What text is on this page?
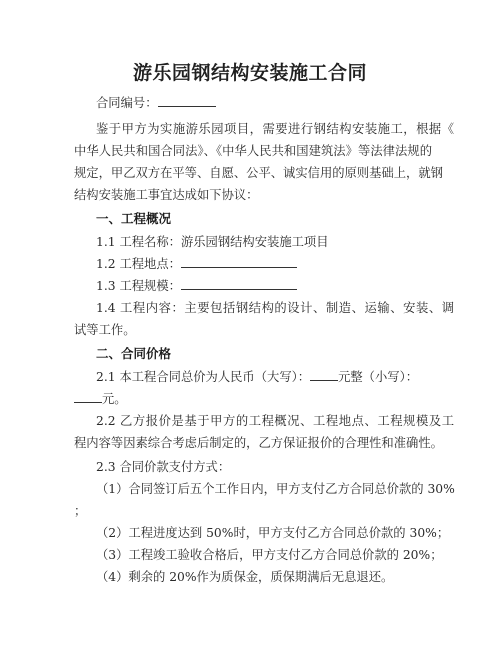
游乐园钢结构安装施工合同
合同编号：
鉴于甲方为实施游乐园项目，需要进行钢结构安装施工，根据《
中华人民共和国合同法》、《中华人民共和国建筑法》等法律法规的
规定，甲乙双方在平等、自愿、公平、诚实信用的原则基础上，就钢
结构安装施工事宜达成如下协议：
一、工程概况
1.1 工程名称：游乐园钢结构安装施工项目
1.2 工程地点：
1.3 工程规模：
1.4 工程内容：主要包括钢结构的设计、制造、运输、安装、调
试等工作。
二、合同价格
2.1 本工程合同总价为人民币（大写）： 元整（小写）：
元。
2.2 乙方报价是基于甲方的工程概况、工程地点、工程规模及工
程内容等因素综合考虑后制定的，乙方保证报价的合理性和准确性。
2.3 合同价款支付方式：
（1）合同签订后五个工作日内，甲方支付乙方合同总价款的 30%
；
（2）工程进度达到 50%时，甲方支付乙方合同总价款的 30%；
（3）工程竣工验收合格后，甲方支付乙方合同总价款的 20%；
（4）剩余的 20%作为质保金，质保期满后无息退还。
